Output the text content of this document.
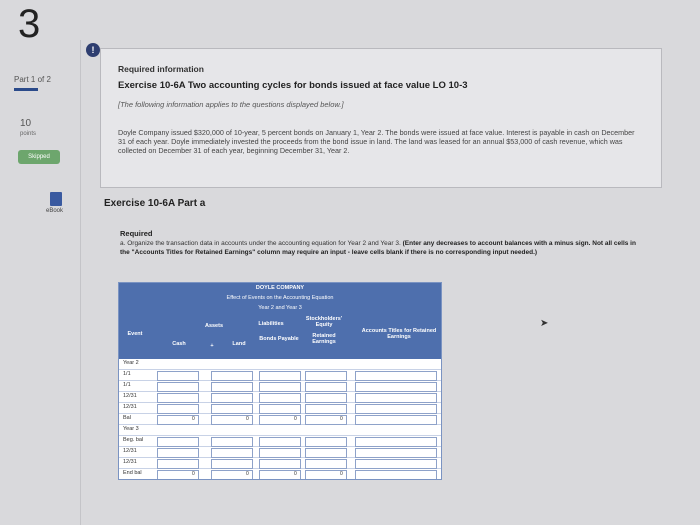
3
Part 1 of 2
10
points
Skipped
eBook
!
Required information
Exercise 10-6A Two accounting cycles for bonds issued at face value LO 10-3
[The following information applies to the questions displayed below.]
Doyle Company issued $320,000 of 10-year, 5 percent bonds on January 1, Year 2. The bonds were issued at face value. Interest is payable in cash on December 31 of each year. Doyle immediately invested the proceeds from the bond issue in land. The land was leased for an annual $53,000 of cash revenue, which was collected on December 31 of each year, beginning December 31, Year 2.
Exercise 10-6A Part a
Required
a. Organize the transaction data in accounts under the accounting equation for Year 2 and Year 3. (Enter any decreases to account balances with a minus sign. Not all cells in the "Accounts Titles for Retained Earnings" column may require an input - leave cells blank if there is no corresponding input needed.)
DOYLE COMPANY
Effect of Events on the Accounting Equation
Year 2 and Year 3
Event
Assets	Liabilities
Stockholders' Equity
Cash	+	Land
Bonds Payable	Retained Earnings
Accounts Titles for Retained Earnings
Year 2
1/1
1/1
12/31
12/31
Bal	0	0	0	0
Year 3
Beg. bal
12/31
12/31
End bal	0	0	0	0
➤
